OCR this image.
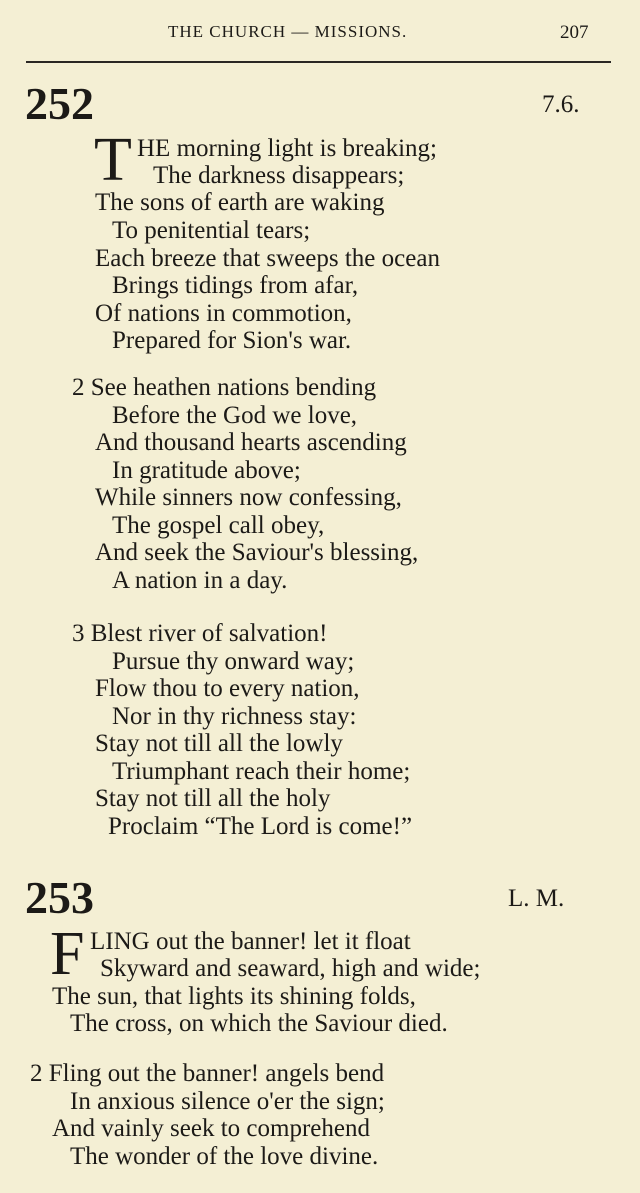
THE CHURCH — MISSIONS.	207
252	7.6.
T HE morning light is breaking;
The darkness disappears;
The sons of earth are waking
To penitential tears;
Each breeze that sweeps the ocean
Brings tidings from afar,
Of nations in commotion,
Prepared for Sion's war.
2 See heathen nations bending
Before the God we love,
And thousand hearts ascending
In gratitude above;
While sinners now confessing,
The gospel call obey,
And seek the Saviour's blessing,
A nation in a day.
3 Blest river of salvation!
Pursue thy onward way;
Flow thou to every nation,
Nor in thy richness stay:
Stay not till all the lowly
Triumphant reach their home;
Stay not till all the holy
Proclaim “The Lord is come!”
253	L. M.
F LING out the banner! let it float
Skyward and seaward, high and wide;
The sun, that lights its shining folds,
The cross, on which the Saviour died.
2 Fling out the banner! angels bend
In anxious silence o'er the sign;
And vainly seek to comprehend
The wonder of the love divine.
